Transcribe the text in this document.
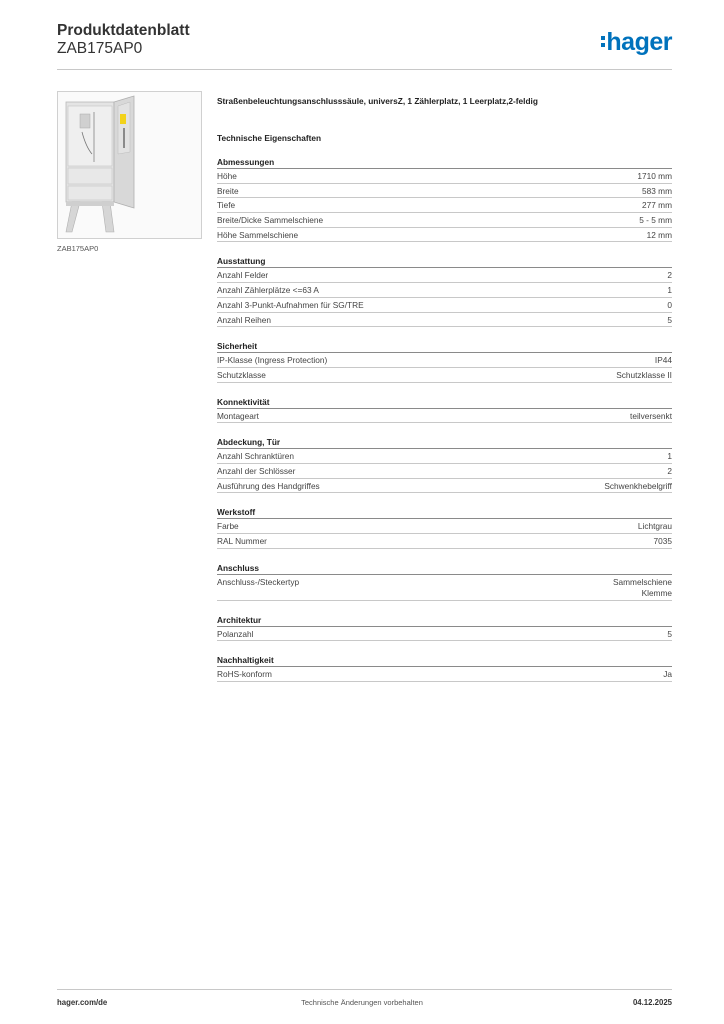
Produktdatenblatt
ZAB175AP0	hager
ZAB175AP0
Straßenbeleuchtungsanschlusssäule, universZ, 1 Zählerplatz, 1 Leerplatz,2-feldig
Technische Eigenschaften
Abmessungen
Höhe	1710 mm
Breite	583 mm
Tiefe	277 mm
Breite/Dicke Sammelschiene	5 - 5 mm
Höhe Sammelschiene	12 mm
Ausstattung
Anzahl Felder	2
Anzahl Zählerplätze <=63 A	1
Anzahl 3-Punkt-Aufnahmen für SG/TRE	0
Anzahl Reihen	5
Sicherheit
IP-Klasse (Ingress Protection)	IP44
Schutzklasse	Schutzklasse II
Konnektivität
Montageart	teilversenkt
Abdeckung, Tür
Anzahl Schranktüren	1
Anzahl der Schlösser	2
Ausführung des Handgriffes	Schwenkhebelgriff
Werkstoff
Farbe	Lichtgrau
RAL Nummer	7035
Anschluss
Anschluss-/Steckertyp	Sammelschiene
Klemme
Architektur
Polanzahl	5
Nachhaltigkeit
RoHS-konform	Ja
hager.com/de	Technische Änderungen vorbehalten	04.12.2025
